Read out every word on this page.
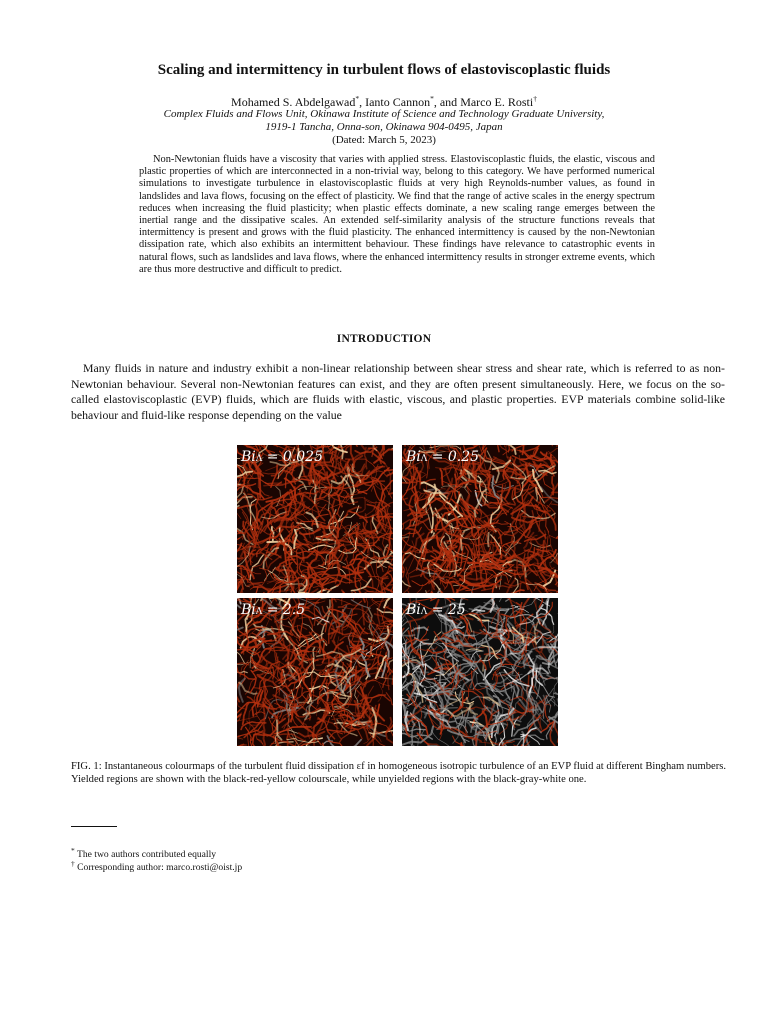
Scaling and intermittency in turbulent flows of elastoviscoplastic fluids
Mohamed S. Abdelgawad*, Ianto Cannon*, and Marco E. Rosti†
Complex Fluids and Flows Unit, Okinawa Institute of Science and Technology Graduate University,
1919-1 Tancha, Onna-son, Okinawa 904-0495, Japan
(Dated: March 5, 2023)

Non-Newtonian fluids have a viscosity that varies with applied stress. Elastoviscoplastic fluids, the elastic, viscous and plastic properties of which are interconnected in a non-trivial way, belong to this category. We have performed numerical simulations to investigate turbulence in elastoviscoplastic fluids at very high Reynolds-number values, as found in landslides and lava flows, focusing on the effect of plasticity. We find that the range of active scales in the energy spectrum reduces when increasing the fluid plasticity; when plastic effects dominate, a new scaling range emerges between the inertial range and the dissipative scales. An extended self-similarity analysis of the structure functions reveals that intermittency is present and grows with the fluid plasticity. The enhanced intermittency is caused by the non-Newtonian dissipation rate, which also exhibits an intermittent behaviour. These findings have relevance to catastrophic events in natural flows, such as landslides and lava flows, where the enhanced intermittency results in stronger extreme events, which are thus more destructive and difficult to predict.

INTRODUCTION

Many fluids in nature and industry exhibit a non-linear relationship between shear stress and shear rate, which is referred to as non-Newtonian behaviour. Several non-Newtonian features can exist, and they are often present simultaneously. Here, we focus on the so-called elastoviscoplastic (EVP) fluids, which are fluids with elastic, viscous, and plastic properties. EVP materials combine solid-like behaviour and fluid-like response depending on the value

BiΛ = 0.025	BiΛ = 0.25
BiΛ = 2.5	BiΛ = 25

FIG. 1: Instantaneous colourmaps of the turbulent fluid dissipation εf in homogeneous isotropic turbulence of an EVP fluid at different Bingham numbers. Yielded regions are shown with the black-red-yellow colourscale, while unyielded regions with the black-gray-white one.

* The two authors contributed equally
† Corresponding author: marco.rosti@oist.jp
